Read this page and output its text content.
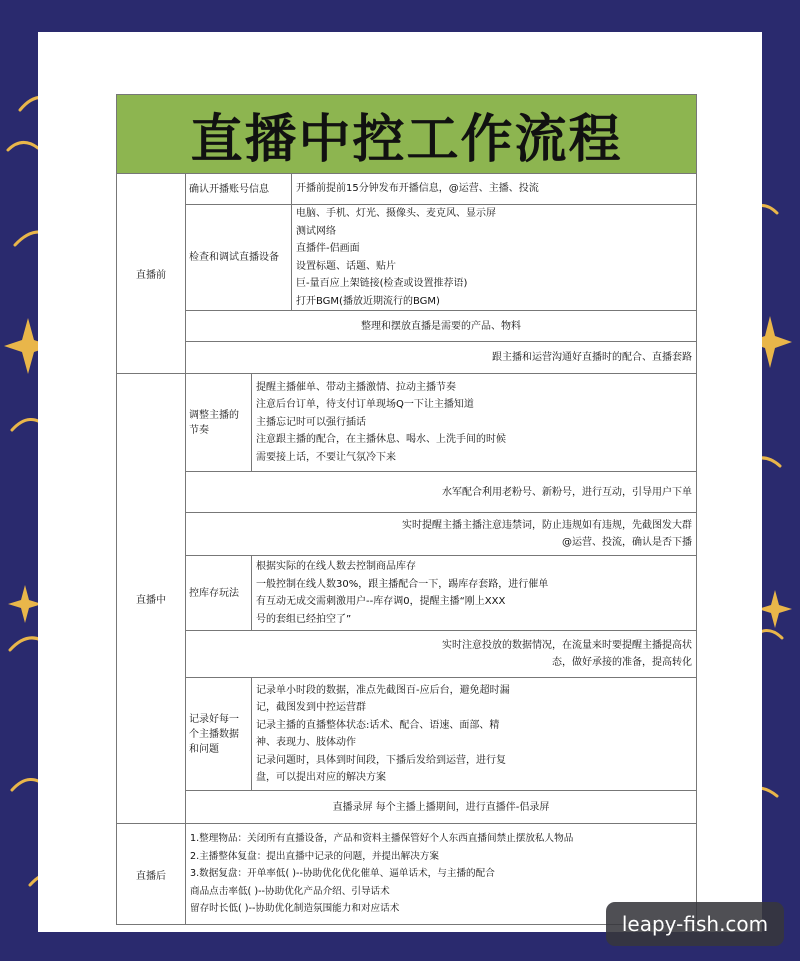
直播中控工作流程
直播前
确认开播账号信息	开播前提前15分钟发布开播信息，@运营、主播、投流
检查和调试直播设备
电脑、手机、灯光、摄像头、麦克风、显示屏
测试网络
直播伴-侣画面
设置标题、话题、贴片
巨-量百应上架链接(检查或设置推荐语)
打开BGM(播放近期流行的BGM)
整理和摆放直播是需要的产品、物料
跟主播和运营沟通好直播时的配合、直播套路
直播中
调整主播的节奏
提醒主播催单、带动主播激情、拉动主播节奏
注意后台订单，待支付订单现场Q一下让主播知道
主播忘记时可以强行插话
注意跟主播的配合，在主播休息、喝水、上洗手间的时候
需要接上话，不要让气氛冷下来
水军配合利用老粉号、新粉号，进行互动，引导用户下单
实时提醒主播主播注意违禁词，防止违规如有违规，先截图发大群
@运营、投流，确认是否下播
控库存玩法
根据实际的在线人数去控制商品库存
一般控制在线人数30%，跟主播配合一下，踢库存套路，进行催单
有互动无成交需刺激用户--库存调0，提醒主播“刚上XXX
号的套组已经拍空了”
实时注意投放的数据情况，在流量来时要提醒主播提高状
态，做好承接的准备，提高转化
记录好每一个主播数据和问题
记录单小时段的数据，准点先截图百-应后台，避免超时漏
记，截图发到中控运营群
记录主播的直播整体状态:话术、配合、语速、面部、精
神、表现力、肢体动作
记录问题时，具体到时间段，下播后发给到运营，进行复
盘，可以提出对应的解决方案
直播录屏 每个主播上播期间，进行直播伴-侣录屏
直播后
1.整理物品：关闭所有直播设备，产品和资料主播保管好个人东西直播间禁止摆放私人物品
2.主播整体复盘：提出直播中记录的问题，并提出解决方案
3.数据复盘：开单率低( )--协助优化优化催单、逼单话术，与主播的配合
商品点击率低( )--协助优化产品介绍、引导话术
留存时长低( )--协助优化制造氛围能力和对应话术
leapy-fish.com
